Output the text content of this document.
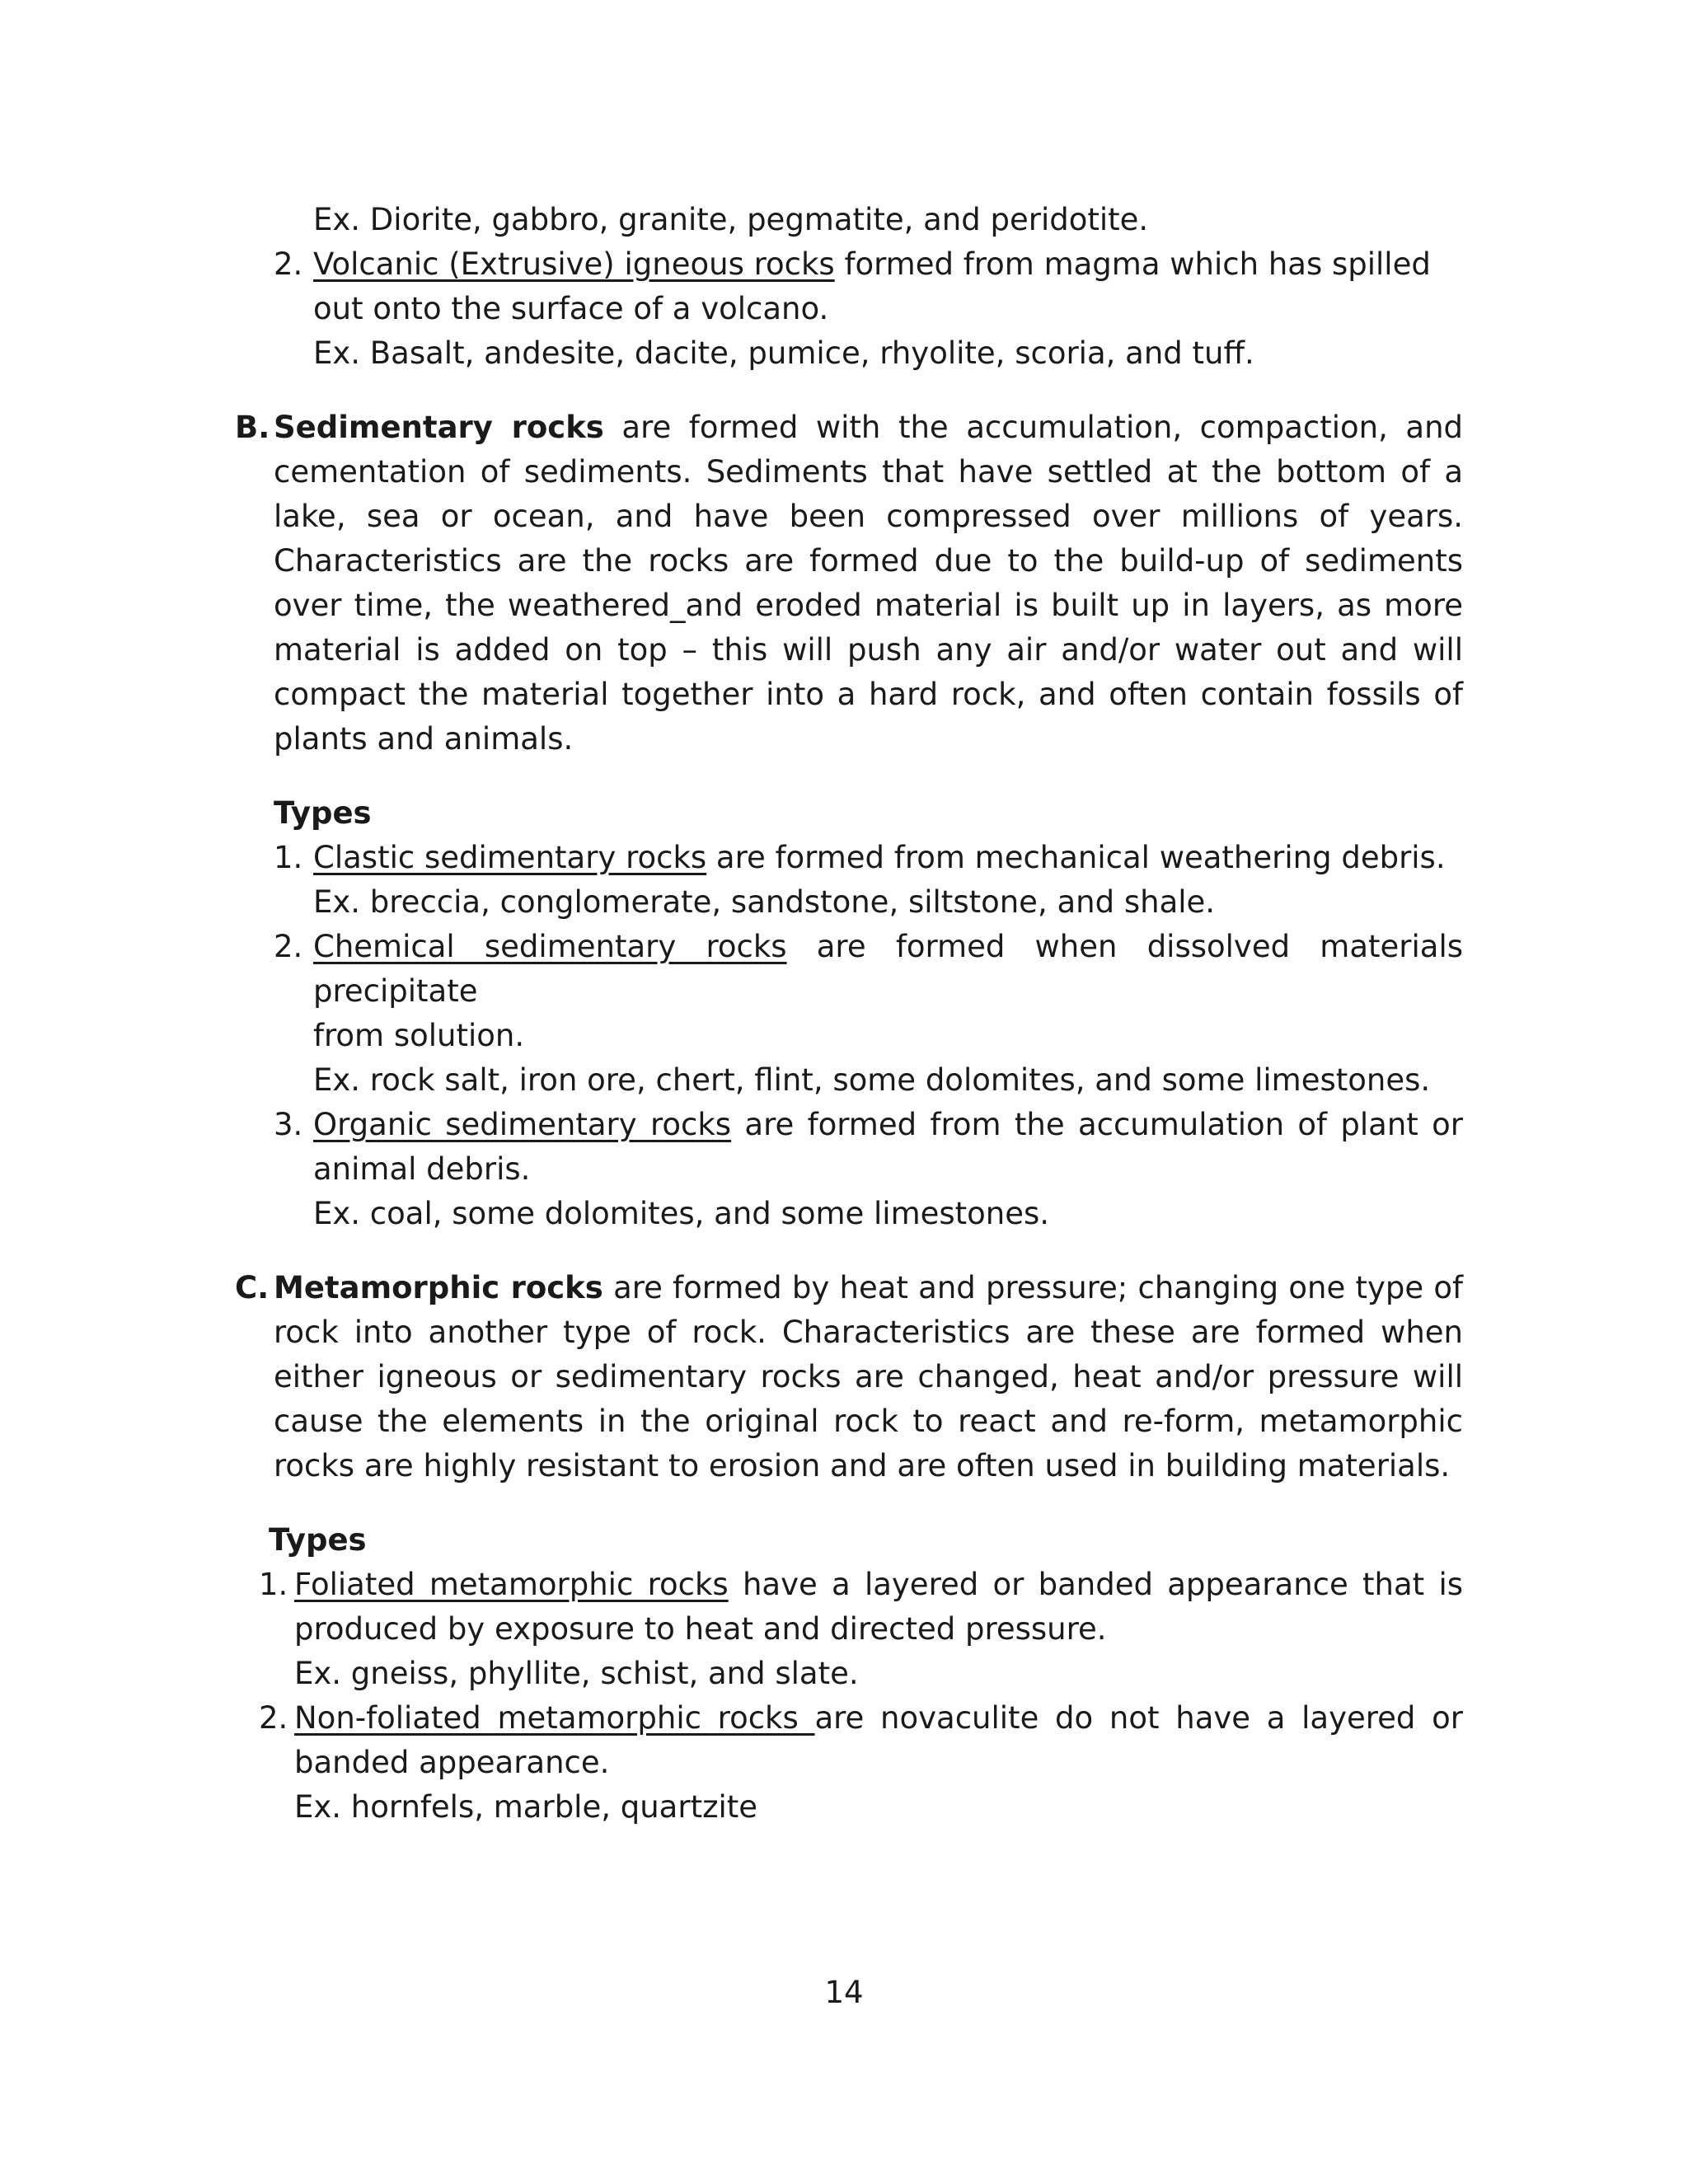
Ex. Diorite, gabbro, granite, pegmatite, and peridotite.
2. Volcanic (Extrusive) igneous rocks formed from magma which has spilled
out onto the surface of a volcano.
Ex. Basalt, andesite, dacite, pumice, rhyolite, scoria, and tuff.
B. Sedimentary rocks are formed with the accumulation, compaction, and
cementation of sediments. Sediments that have settled at the bottom of a
lake, sea or ocean, and have been compressed over millions of years.
Characteristics are the rocks are formed due to the build-up of sediments
over time, the weathered_and eroded material is built up in layers, as more
material is added on top – this will push any air and/or water out and will
compact the material together into a hard rock, and often contain fossils of
plants and animals.
Types
1. Clastic sedimentary rocks are formed from mechanical weathering debris.
Ex. breccia, conglomerate, sandstone, siltstone, and shale.
2. Chemical sedimentary rocks are formed when dissolved materials
precipitate
from solution.
Ex. rock salt, iron ore, chert, flint, some dolomites, and some limestones.
3. Organic sedimentary rocks are formed from the accumulation of plant or
animal debris.
Ex. coal, some dolomites, and some limestones.
C. Metamorphic rocks are formed by heat and pressure; changing one type of
rock into another type of rock. Characteristics are these are formed when
either igneous or sedimentary rocks are changed, heat and/or pressure will
cause the elements in the original rock to react and re-form, metamorphic
rocks are highly resistant to erosion and are often used in building materials.
Types
1. Foliated metamorphic rocks have a layered or banded appearance that is
produced by exposure to heat and directed pressure.
Ex. gneiss, phyllite, schist, and slate.
2. Non-foliated metamorphic rocks are novaculite do not have a layered or
banded appearance.
Ex. hornfels, marble, quartzite
14
